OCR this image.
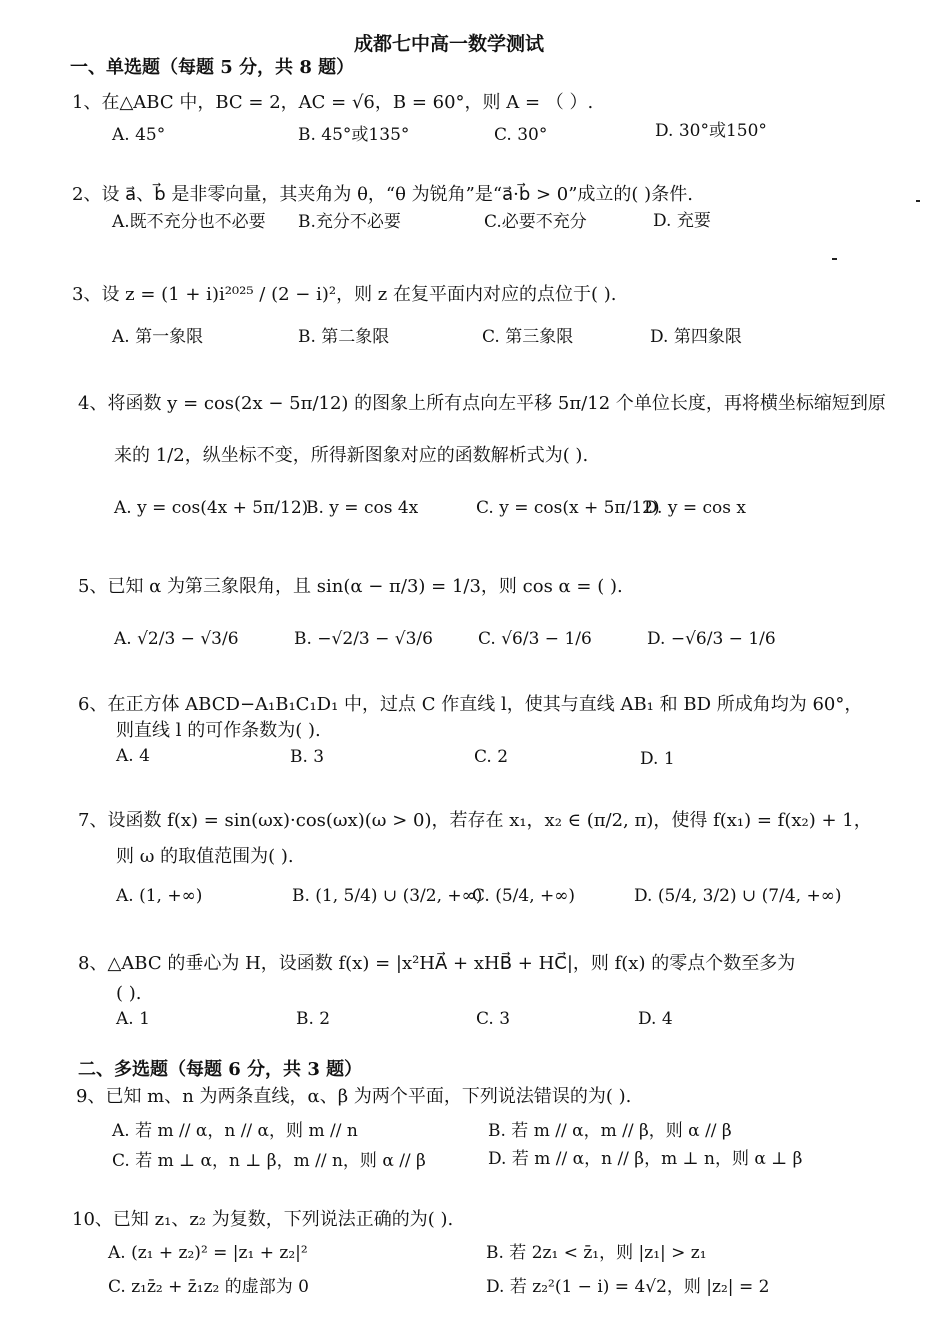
成都七中高一数学测试
一、单选题（每题 5 分，共 8 题）
1、在△ABC 中，BC = 2，AC = √6，B = 60°，则 A = （ ）.
A. 45°	B. 45°或135°	C. 30°	D. 30°或150°
2、设 a⃗、b⃗ 是非零向量，其夹角为 θ，“θ 为锐角”是“a⃗·b⃗ > 0”成立的( )条件.
A.既不充分也不必要 B.充分不必要	C.必要不充分	D. 充要
3、设 z = (1 + i)i²⁰²⁵ / (2 − i)²，则 z 在复平面内对应的点位于( ).
A. 第一象限	B. 第二象限	C. 第三象限	D. 第四象限
4、将函数 y = cos(2x − 5π/12) 的图象上所有点向左平移 5π/12 个单位长度，再将横坐标缩短到原
来的 1/2，纵坐标不变，所得新图象对应的函数解析式为( ).
A. y = cos(4x + 5π/12)
B. y = cos 4x	C. y = cos(x + 5π/12)
D. y = cos x
5、已知 α 为第三象限角，且 sin(α − π/3) = 1/3，则 cos α = ( ).
A. √2/3 − √3/6	B. −√2/3 − √3/6	C. √6/3 − 1/6	D. −√6/3 − 1/6
6、在正方体 ABCD−A₁B₁C₁D₁ 中，过点 C 作直线 l，使其与直线 AB₁ 和 BD 所成角均为 60°，
则直线 l 的可作条数为( ).
A. 4	B. 3	C. 2	D. 1
7、设函数 f(x) = sin(ωx)·cos(ωx)(ω > 0)，若存在 x₁，x₂ ∈ (π/2, π)，使得 f(x₁) = f(x₂) + 1，
则 ω 的取值范围为( ).
A. (1, +∞)	B. (1, 5/4) ∪ (3/2, +∞)
C. (5/4, +∞)	D. (5/4, 3/2) ∪ (7/4, +∞)
8、△ABC 的垂心为 H，设函数 f(x) = |x²HA⃗ + xHB⃗ + HC⃗|，则 f(x) 的零点个数至多为
( ).
A. 1	B. 2	C. 3	D. 4
二、多选题（每题 6 分，共 3 题）
9、已知 m、n 为两条直线，α、β 为两个平面，下列说法错误的为( ).
A. 若 m // α，n // α，则 m // n	B. 若 m // α，m // β，则 α // β
C. 若 m ⊥ α，n ⊥ β，m // n，则 α // β	D. 若 m // α，n // β，m ⊥ n，则 α ⊥ β
10、已知 z₁、z₂ 为复数，下列说法正确的为( ).
A. (z₁ + z₂)² = |z₁ + z₂|²	B. 若 2z₁ < z̄₁，则 |z₁| > z₁
C. z₁z̄₂ + z̄₁z₂ 的虚部为 0	D. 若 z₂²(1 − i) = 4√2，则 |z₂| = 2
